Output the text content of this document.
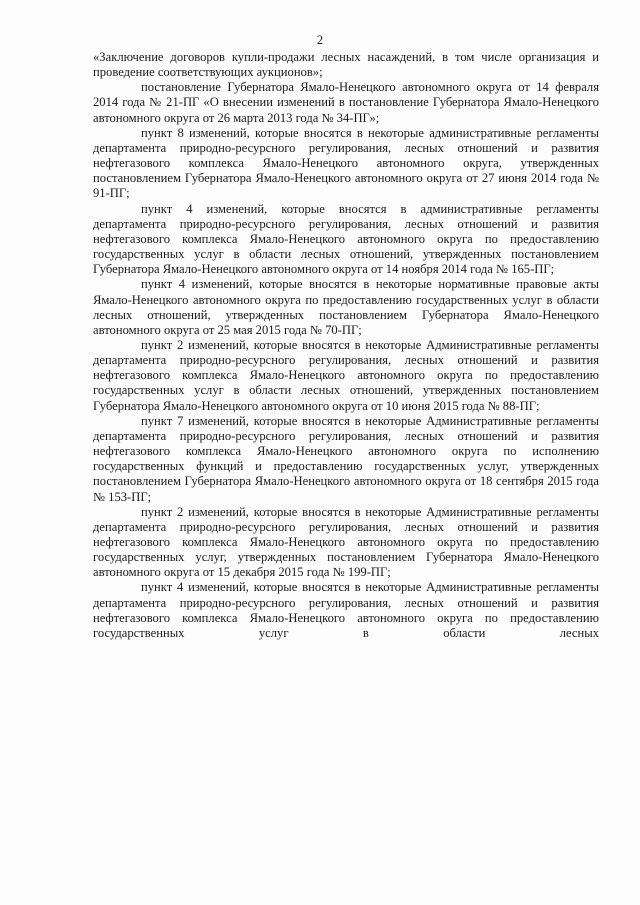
2

«Заключение договоров купли-продажи лесных насаждений, в том числе организация и проведение соответствующих аукционов»;

постановление Губернатора Ямало-Ненецкого автономного округа от 14 февраля 2014 года № 21-ПГ «О внесении изменений в постановление Губернатора Ямало-Ненецкого автономного округа от 26 марта 2013 года № 34-ПГ»;

пункт 8 изменений, которые вносятся в некоторые административные регламенты департамента природно-ресурсного регулирования, лесных отношений и развития нефтегазового комплекса Ямало-Ненецкого автономного округа, утвержденных постановлением Губернатора Ямало-Ненецкого автономного округа от 27 июня 2014 года № 91-ПГ;

пункт 4 изменений, которые вносятся в административные регламенты департамента природно-ресурсного регулирования, лесных отношений и развития нефтегазового комплекса Ямало-Ненецкого автономного округа по предоставлению государственных услуг в области лесных отношений, утвержденных постановлением Губернатора Ямало-Ненецкого автономного округа от 14 ноября 2014 года № 165-ПГ;

пункт 4 изменений, которые вносятся в некоторые нормативные правовые акты Ямало-Ненецкого автономного округа по предоставлению государственных услуг в области лесных отношений, утвержденных постановлением Губернатора Ямало-Ненецкого автономного округа от 25 мая 2015 года № 70-ПГ;

пункт 2 изменений, которые вносятся в некоторые Административные регламенты департамента природно-ресурсного регулирования, лесных отношений и развития нефтегазового комплекса Ямало-Ненецкого автономного округа по предоставлению государственных услуг в области лесных отношений, утвержденных постановлением Губернатора Ямало-Ненецкого автономного округа от 10 июня 2015 года № 88-ПГ;

пункт 7 изменений, которые вносятся в некоторые Административные регламенты департамента природно-ресурсного регулирования, лесных отношений и развития нефтегазового комплекса Ямало-Ненецкого автономного округа по исполнению государственных функций и предоставлению государственных услуг, утвержденных постановлением Губернатора Ямало-Ненецкого автономного округа от 18 сентября 2015 года № 153-ПГ;

пункт 2 изменений, которые вносятся в некоторые Административные регламенты департамента природно-ресурсного регулирования, лесных отношений и развития нефтегазового комплекса Ямало-Ненецкого автономного округа по предоставлению государственных услуг, утвержденных постановлением Губернатора Ямало-Ненецкого автономного округа от 15 декабря 2015 года № 199-ПГ;

пункт 4 изменений, которые вносятся в некоторые Административные регламенты департамента природно-ресурсного регулирования, лесных отношений и развития нефтегазового комплекса Ямало-Ненецкого автономного округа по предоставлению государственных услуг в области лесных
